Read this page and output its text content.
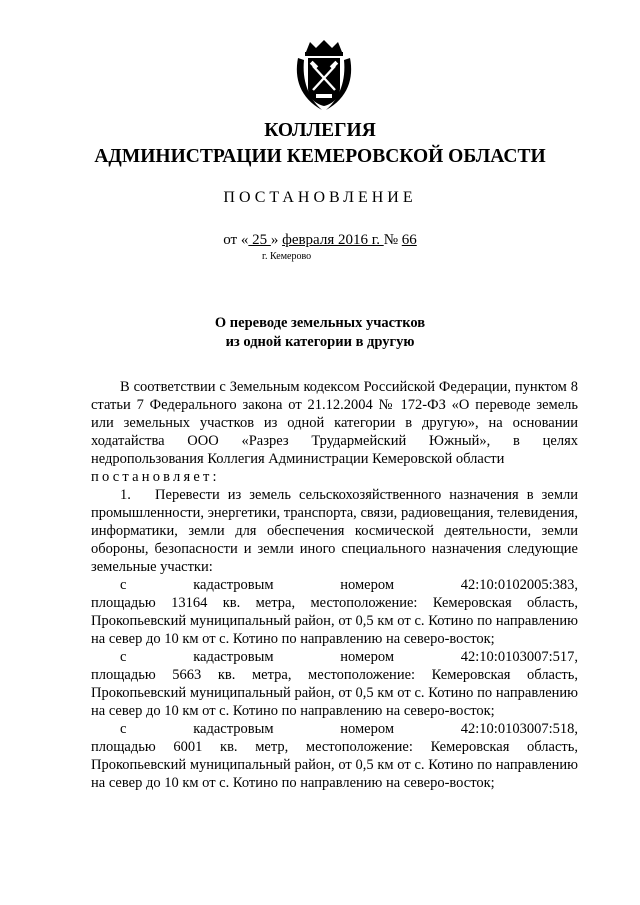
КОЛЛЕГИЯ
АДМИНИСТРАЦИИ КЕМЕРОВСКОЙ ОБЛАСТИ
ПОСТАНОВЛЕНИЕ
от « 25 » февраля 2016 г. № 66
г. Кемерово
О переводе земельных участков
из одной категории в другую

В соответствии с Земельным кодексом Российской Федерации, пунктом 8 статьи 7 Федерального закона от 21.12.2004 № 172-ФЗ «О переводе земель или земельных участков из одной категории в другую», на основании ходатайства ООО «Разрез Трудармейский Южный», в целях недропользования Коллегия Администрации Кемеровской области

постановляет:

1.   Перевести из земель сельскохозяйственного назначения в земли промышленности, энергетики, транспорта, связи, радиовещания, телевидения, информатики, земли для обеспечения космической деятельности, земли обороны, безопасности и земли иного специального назначения следующие земельные участки:

с кадастровым номером 42:10:0102005:383,

площадью 13164 кв. метра, местоположение: Кемеровская область, Прокопьевский муниципальный район, от 0,5 км от с. Котино по направлению на север до 10 км от с. Котино по направлению на северо-восток;

с кадастровым номером 42:10:0103007:517,

площадью 5663 кв. метра, местоположение: Кемеровская область, Прокопьевский муниципальный район, от 0,5 км от с. Котино по направлению на север до 10 км от с. Котино по направлению на северо-восток;

с кадастровым номером 42:10:0103007:518,

площадью 6001 кв. метр, местоположение: Кемеровская область, Прокопьевский муниципальный район, от 0,5 км от с. Котино по направлению на север до 10 км от с. Котино по направлению на северо-восток;
